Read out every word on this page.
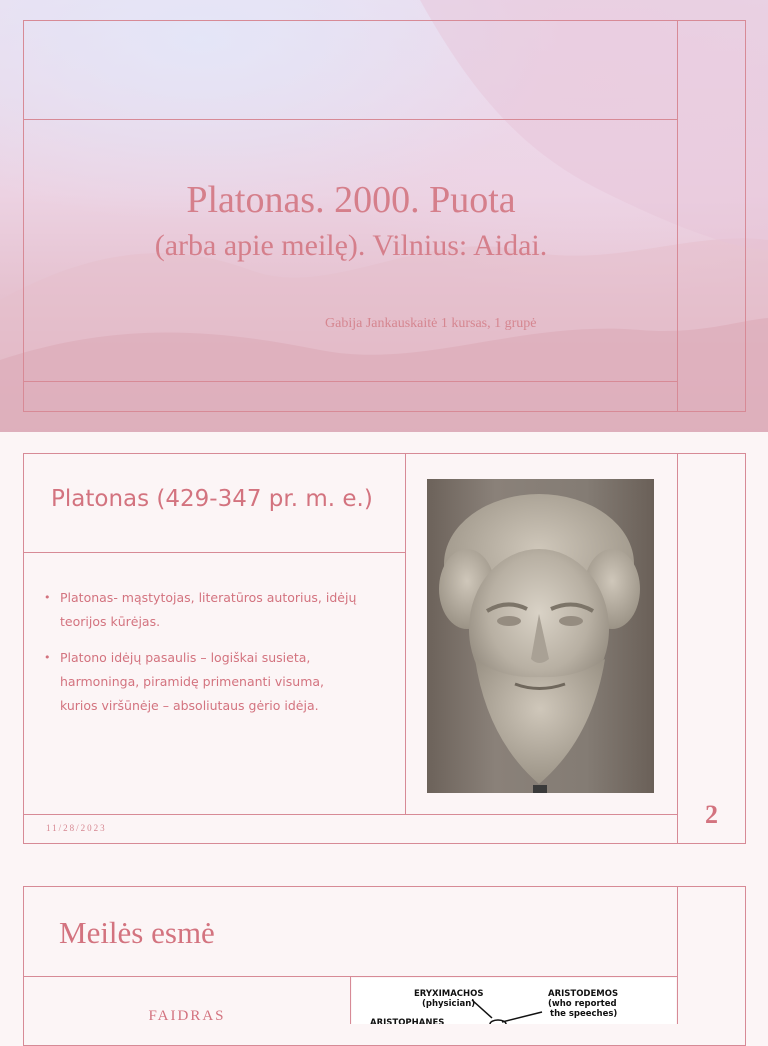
Platonas. 2000. Puota
(arba apie meilę). Vilnius: Aidai.
Gabija Jankauskaitė 1 kursas, 1 grupė
Platonas (429-347 pr. m. e.)
• Platonas- mąstytojas, literatūros autorius, idėjų teorijos kūrėjas.
• Platono idėjų pasaulis – logiškai susieta, harmoninga, piramidę primenanti visuma, kurios viršūnėje – absoliutaus gėrio idėja.
11/28/2023	2
Meilės esmė
FAIDRAS
ERYXIMACHOS
(physician)
ARISTODEMOS
(who reported
the speeches)
ARISTOPHANES
